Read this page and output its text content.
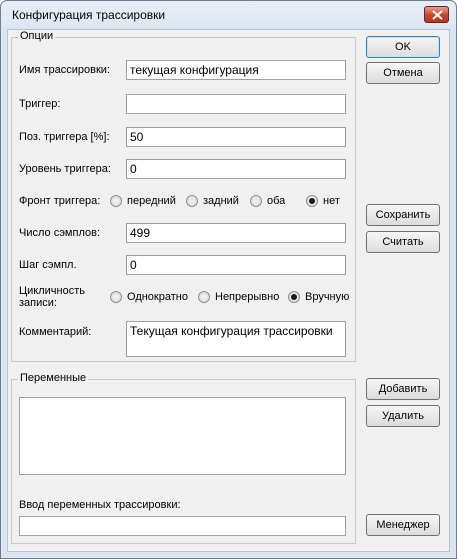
Конфигурация трассировки
Опции
Имя трассировки:	текущая конфигурация
Триггер:
Поз. триггера [%]:	50
Уровень триггера:	0
Фронт триггера: передний задний	оба	нет
Число сэмплов:	499
Шаг сэмпл.	0
Цикличность
записи:	Однократно Непрерывно Вручную
Комментарий:	Текущая конфигурация трассировки
Переменные
Ввод переменных трассировки:
OK
Отмена
Сохранить
Считать
Добавить
Удалить
Менеджер
